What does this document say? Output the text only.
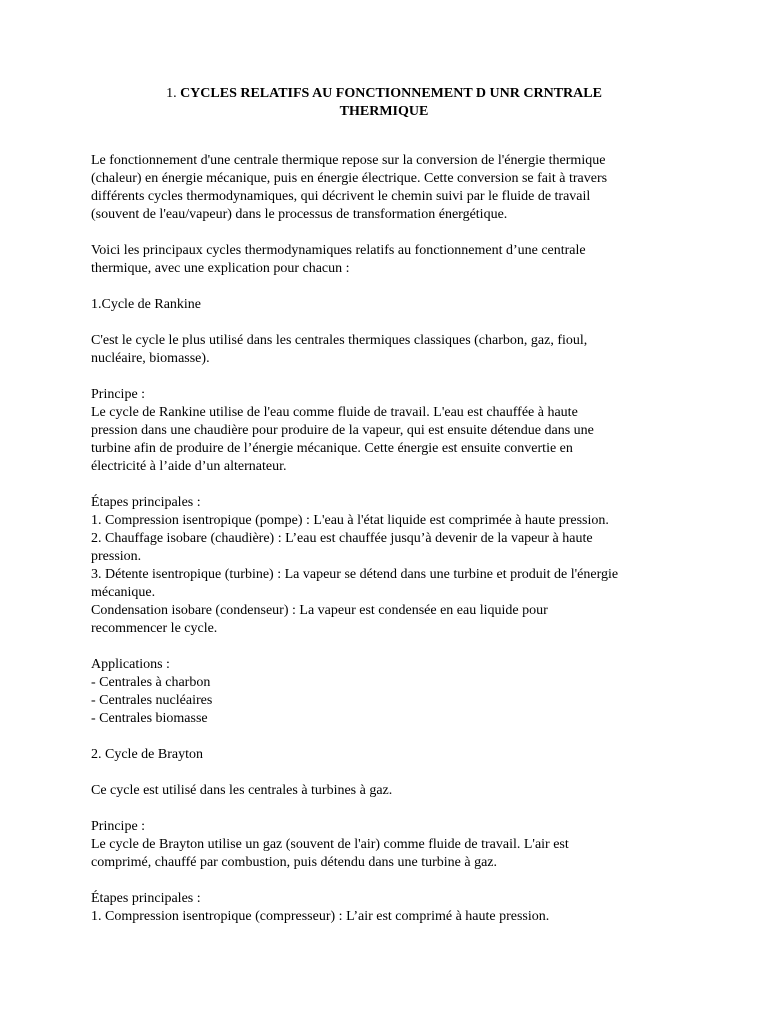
1. CYCLES RELATIFS AU FONCTIONNEMENT D UNR CRNTRALE
THERMIQUE
Le fonctionnement d'une centrale thermique repose sur la conversion de l'énergie thermique
(chaleur) en énergie mécanique, puis en énergie électrique. Cette conversion se fait à travers
différents cycles thermodynamiques, qui décrivent le chemin suivi par le fluide de travail
(souvent de l'eau/vapeur) dans le processus de transformation énergétique.
Voici les principaux cycles thermodynamiques relatifs au fonctionnement d’une centrale
thermique, avec une explication pour chacun :
1.Cycle de Rankine
C'est le cycle le plus utilisé dans les centrales thermiques classiques (charbon, gaz, fioul,
nucléaire, biomasse).
Principe :
Le cycle de Rankine utilise de l'eau comme fluide de travail. L'eau est chauffée à haute
pression dans une chaudière pour produire de la vapeur, qui est ensuite détendue dans une
turbine afin de produire de l’énergie mécanique. Cette énergie est ensuite convertie en
électricité à l’aide d’un alternateur.
Étapes principales :
1. Compression isentropique (pompe) : L'eau à l'état liquide est comprimée à haute pression.
2. Chauffage isobare (chaudière) : L’eau est chauffée jusqu’à devenir de la vapeur à haute
pression.
3. Détente isentropique (turbine) : La vapeur se détend dans une turbine et produit de l'énergie
mécanique.
Condensation isobare (condenseur) : La vapeur est condensée en eau liquide pour
recommencer le cycle.
Applications :
- Centrales à charbon
- Centrales nucléaires
- Centrales biomasse
2. Cycle de Brayton
Ce cycle est utilisé dans les centrales à turbines à gaz.
Principe :
Le cycle de Brayton utilise un gaz (souvent de l'air) comme fluide de travail. L'air est
comprimé, chauffé par combustion, puis détendu dans une turbine à gaz.
Étapes principales :
1. Compression isentropique (compresseur) : L’air est comprimé à haute pression.
